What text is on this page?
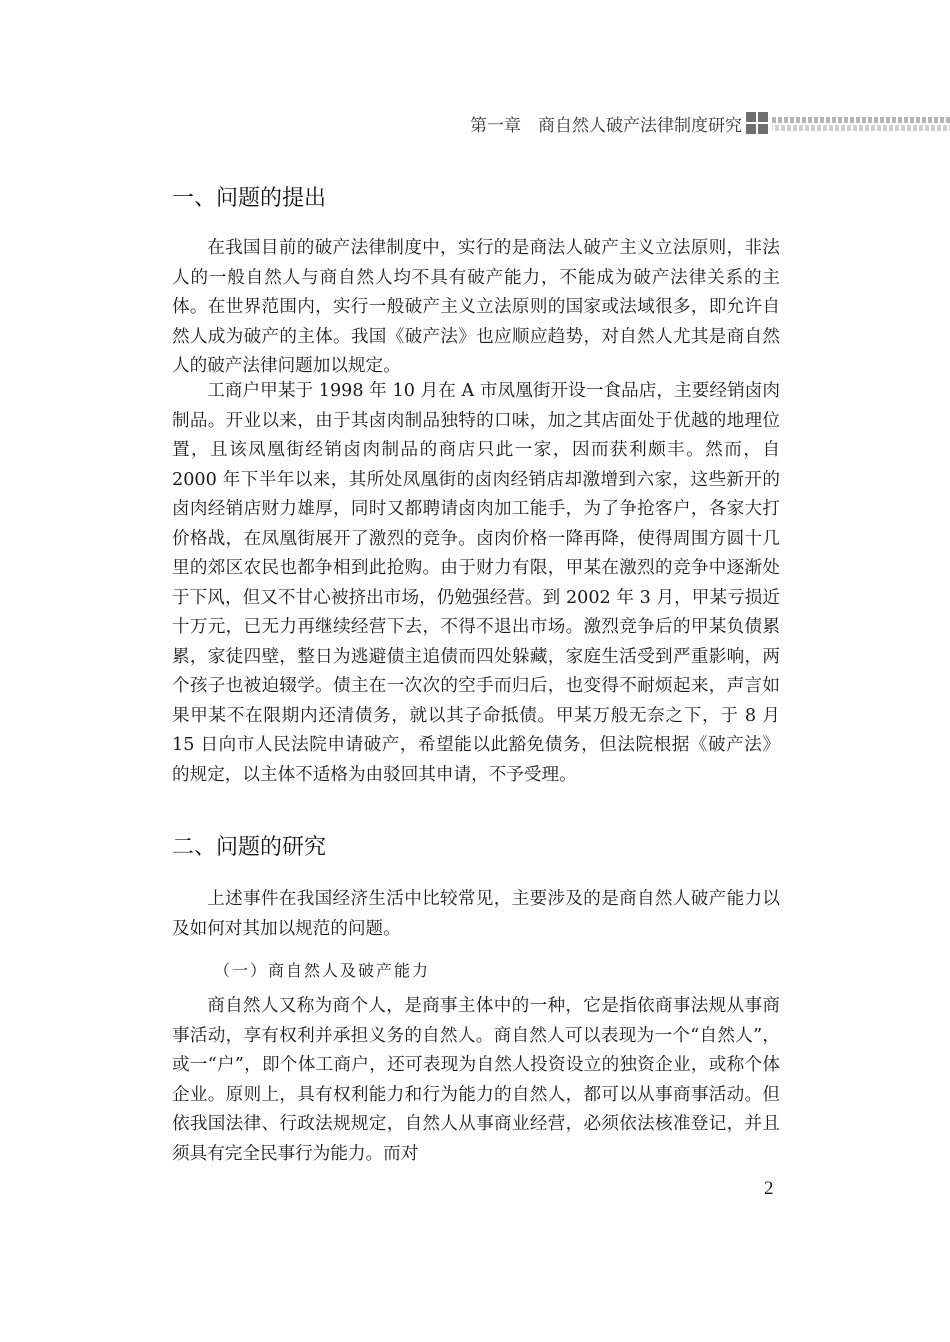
第一章　商自然人破产法律制度研究
一、问题的提出

在我国目前的破产法律制度中，实行的是商法人破产主义立法原则，非法人的一般自然人与商自然人均不具有破产能力，不能成为破产法律关系的主体。在世界范围内，实行一般破产主义立法原则的国家或法域很多，即允许自然人成为破产的主体。我国《破产法》也应顺应趋势，对自然人尤其是商自然人的破产法律问题加以规定。

工商户甲某于 1998 年 10 月在 A 市凤凰街开设一食品店，主要经销卤肉制品。开业以来，由于其卤肉制品独特的口味，加之其店面处于优越的地理位置，且该凤凰街经销卤肉制品的商店只此一家，因而获利颇丰。然而，自 2000 年下半年以来，其所处凤凰街的卤肉经销店却激增到六家，这些新开的卤肉经销店财力雄厚，同时又都聘请卤肉加工能手，为了争抢客户，各家大打价格战，在凤凰街展开了激烈的竞争。卤肉价格一降再降，使得周围方圆十几里的郊区农民也都争相到此抢购。由于财力有限，甲某在激烈的竞争中逐渐处于下风，但又不甘心被挤出市场，仍勉强经营。到 2002 年 3 月，甲某亏损近十万元，已无力再继续经营下去，不得不退出市场。激烈竞争后的甲某负债累累，家徒四壁，整日为逃避债主追债而四处躲藏，家庭生活受到严重影响，两个孩子也被迫辍学。债主在一次次的空手而归后，也变得不耐烦起来，声言如果甲某不在限期内还清债务，就以其子命抵债。甲某万般无奈之下，于 8 月 15 日向市人民法院申请破产，希望能以此豁免债务，但法院根据《破产法》的规定，以主体不适格为由驳回其申请，不予受理。

二、问题的研究

上述事件在我国经济生活中比较常见，主要涉及的是商自然人破产能力以及如何对其加以规范的问题。

（一）商自然人及破产能力

商自然人又称为商个人，是商事主体中的一种，它是指依商事法规从事商事活动，享有权利并承担义务的自然人。商自然人可以表现为一个“自然人”，或一“户”，即个体工商户，还可表现为自然人投资设立的独资企业，或称个体企业。原则上，具有权利能力和行为能力的自然人，都可以从事商事活动。但依我国法律、行政法规规定，自然人从事商业经营，必须依法核准登记，并且须具有完全民事行为能力。而对

2
